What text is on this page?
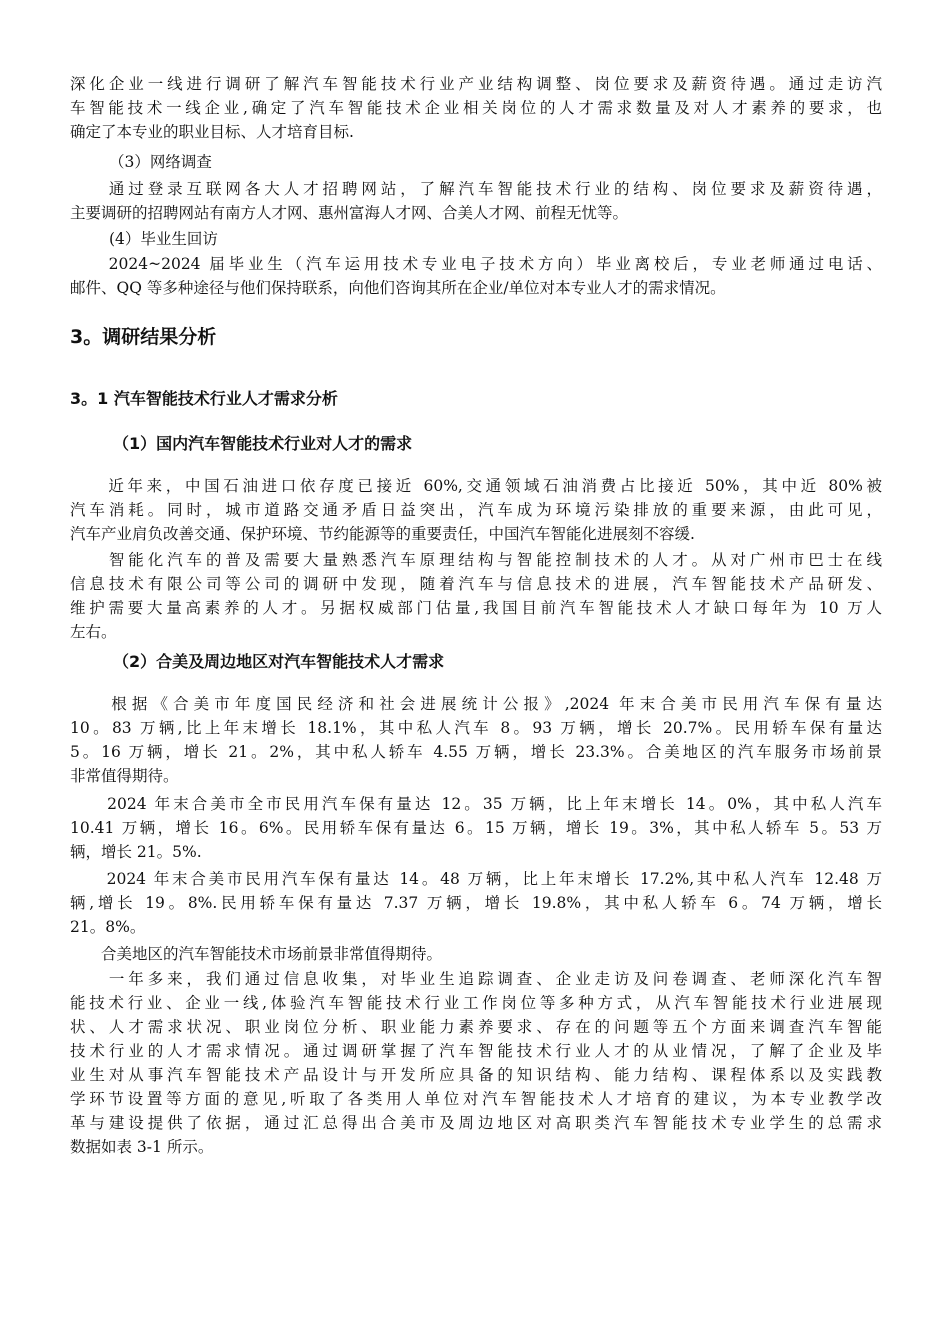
深化企业一线进行调研了解汽车智能技术行业产业结构调整、岗位要求及薪资待遇。通过走访汽
车智能技术一线企业,确定了汽车智能技术企业相关岗位的人才需求数量及对人才素养的要求，也
确定了本专业的职业目标、人才培育目标.

（3）网络调查

　　通过登录互联网各大人才招聘网站，了解汽车智能技术行业的结构、岗位要求及薪资待遇，
主要调研的招聘网站有南方人才网、惠州富海人才网、合美人才网、前程无忧等。

(4）毕业生回访

　　2024~2024 届毕业生（汽车运用技术专业电子技术方向）毕业离校后，专业老师通过电话、
邮件、QQ 等多种途径与他们保持联系，向他们咨询其所在企业/单位对本专业人才的需求情况。
3。调研结果分析
3。1 汽车智能技术行业人才需求分析
（1）国内汽车智能技术行业对人才的需求
　　近年来，中国石油进口依存度已接近 60%,交通领域石油消费占比接近 50%，其中近 80%被
汽车消耗。同时，城市道路交通矛盾日益突出，汽车成为环境污染排放的重要来源，由此可见，
汽车产业肩负改善交通、保护环境、节约能源等的重要责任，中国汽车智能化进展刻不容缓.
　　智能化汽车的普及需要大量熟悉汽车原理结构与智能控制技术的人才。从对广州市巴士在线
信息技术有限公司等公司的调研中发现，随着汽车与信息技术的进展，汽车智能技术产品研发、
维护需要大量高素养的人才。另据权威部门估量,我国目前汽车智能技术人才缺口每年为 10 万人
左右。
（2）合美及周边地区对汽车智能技术人才需求
　　根据《合美市年度国民经济和社会进展统计公报》,2024 年末合美市民用汽车保有量达
10。83 万辆,比上年末增长 18.1%，其中私人汽车 8。93 万辆，增长 20.7%。民用轿车保有量达
5。16 万辆，增长 21。2%，其中私人轿车 4.55 万辆，增长 23.3%。合美地区的汽车服务市场前景
非常值得期待。
　　2024 年末合美市全市民用汽车保有量达 12。35 万辆，比上年末增长 14。0%，其中私人汽车
10.41 万辆，增长 16。6%。民用轿车保有量达 6。15 万辆，增长 19。3%，其中私人轿车 5。53 万
辆，增长 21。5%.
　　2024 年末合美市民用汽车保有量达 14。48 万辆，比上年末增长 17.2%,其中私人汽车 12.48 万
辆,增长 19。8%.民用轿车保有量达 7.37 万辆，增长 19.8%，其中私人轿车 6。74 万辆，增长
21。8%。
　　合美地区的汽车智能技术市场前景非常值得期待。
　　一年多来，我们通过信息收集，对毕业生追踪调查、企业走访及问卷调查、老师深化汽车智
能技术行业、企业一线,体验汽车智能技术行业工作岗位等多种方式，从汽车智能技术行业进展现
状、人才需求状况、职业岗位分析、职业能力素养要求、存在的问题等五个方面来调查汽车智能
技术行业的人才需求情况。通过调研掌握了汽车智能技术行业人才的从业情况，了解了企业及毕
业生对从事汽车智能技术产品设计与开发所应具备的知识结构、能力结构、课程体系以及实践教
学环节设置等方面的意见,听取了各类用人单位对汽车智能技术人才培育的建议，为本专业教学改
革与建设提供了依据，通过汇总得出合美市及周边地区对高职类汽车智能技术专业学生的总需求
数据如表 3-1 所示。
